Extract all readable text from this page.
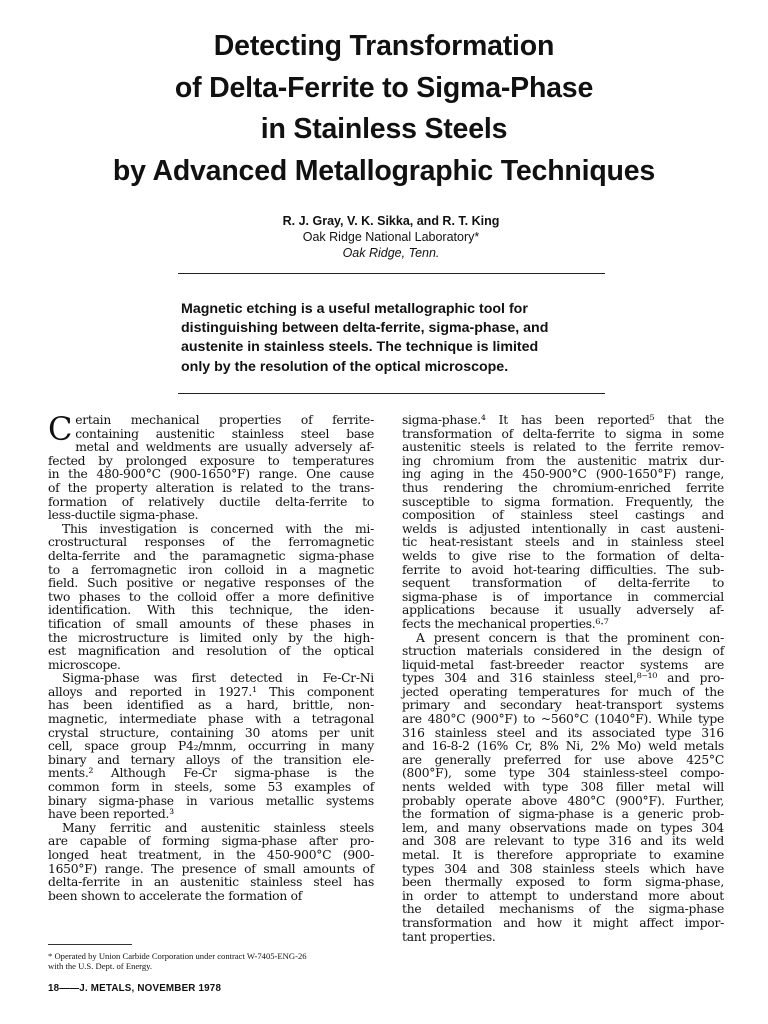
Detecting Transformation
of Delta-Ferrite to Sigma-Phase
in Stainless Steels
by Advanced Metallographic Techniques
R. J. Gray, V. K. Sikka, and R. T. King
Oak Ridge National Laboratory*
Oak Ridge, Tenn.
Magnetic etching is a useful metallographic tool for
distinguishing between delta-ferrite, sigma-phase, and
austenite in stainless steels. The technique is limited
only by the resolution of the optical microscope.
C ertain mechanical properties of ferrite-

containing austenitic stainless steel base

metal and weldments are usually adversely af-

fected by prolonged exposure to temperatures

in the 480-900°C (900-1650°F) range. One cause

of the property alteration is related to the trans-

formation of relatively ductile delta-ferrite to

less-ductile sigma-phase.

This investigation is concerned with the mi-

crostructural responses of the ferromagnetic

delta-ferrite and the paramagnetic sigma-phase

to a ferromagnetic iron colloid in a magnetic

field. Such positive or negative responses of the

two phases to the colloid offer a more definitive

identification. With this technique, the iden-

tification of small amounts of these phases in

the microstructure is limited only by the high-

est magnification and resolution of the optical

microscope.

Sigma-phase was first detected in Fe-Cr-Ni

alloys and reported in 1927.¹ This component

has been identified as a hard, brittle, non-

magnetic, intermediate phase with a tetragonal

crystal structure, containing 30 atoms per unit

cell, space group P4₂/mnm, occurring in many

binary and ternary alloys of the transition ele-

ments.² Although Fe-Cr sigma-phase is the

common form in steels, some 53 examples of

binary sigma-phase in various metallic systems

have been reported.³

Many ferritic and austenitic stainless steels

are capable of forming sigma-phase after pro-

longed heat treatment, in the 450-900°C (900-

1650°F) range. The presence of small amounts of

delta-ferrite in an austenitic stainless steel has

been shown to accelerate the formation of

sigma-phase.⁴ It has been reported⁵ that the

transformation of delta-ferrite to sigma in some

austenitic steels is related to the ferrite remov-

ing chromium from the austenitic matrix dur-

ing aging in the 450-900°C (900-1650°F) range,

thus rendering the chromium-enriched ferrite

susceptible to sigma formation. Frequently, the

composition of stainless steel castings and

welds is adjusted intentionally in cast austeni-

tic heat-resistant steels and in stainless steel

welds to give rise to the formation of delta-

ferrite to avoid hot-tearing difficulties. The sub-

sequent transformation of delta-ferrite to

sigma-phase is of importance in commercial

applications because it usually adversely af-

fects the mechanical properties.⁶·⁷

A present concern is that the prominent con-

struction materials considered in the design of

liquid-metal fast-breeder reactor systems are

types 304 and 316 stainless steel,⁸⁻¹⁰ and pro-

jected operating temperatures for much of the

primary and secondary heat-transport systems

are 480°C (900°F) to ~560°C (1040°F). While type

316 stainless steel and its associated type 316

and 16-8-2 (16% Cr, 8% Ni, 2% Mo) weld metals

are generally preferred for use above 425°C

(800°F), some type 304 stainless-steel compo-

nents welded with type 308 filler metal will

probably operate above 480°C (900°F). Further,

the formation of sigma-phase is a generic prob-

lem, and many observations made on types 304

and 308 are relevant to type 316 and its weld

metal. It is therefore appropriate to examine

types 304 and 308 stainless steels which have

been thermally exposed to form sigma-phase,

in order to attempt to understand more about

the detailed mechanisms of the sigma-phase

transformation and how it might affect impor-

tant properties.

* Operated by Union Carbide Corporation under contract W-7405-ENG-26
with the U.S. Dept. of Energy.
18——J. METALS, NOVEMBER 1978
